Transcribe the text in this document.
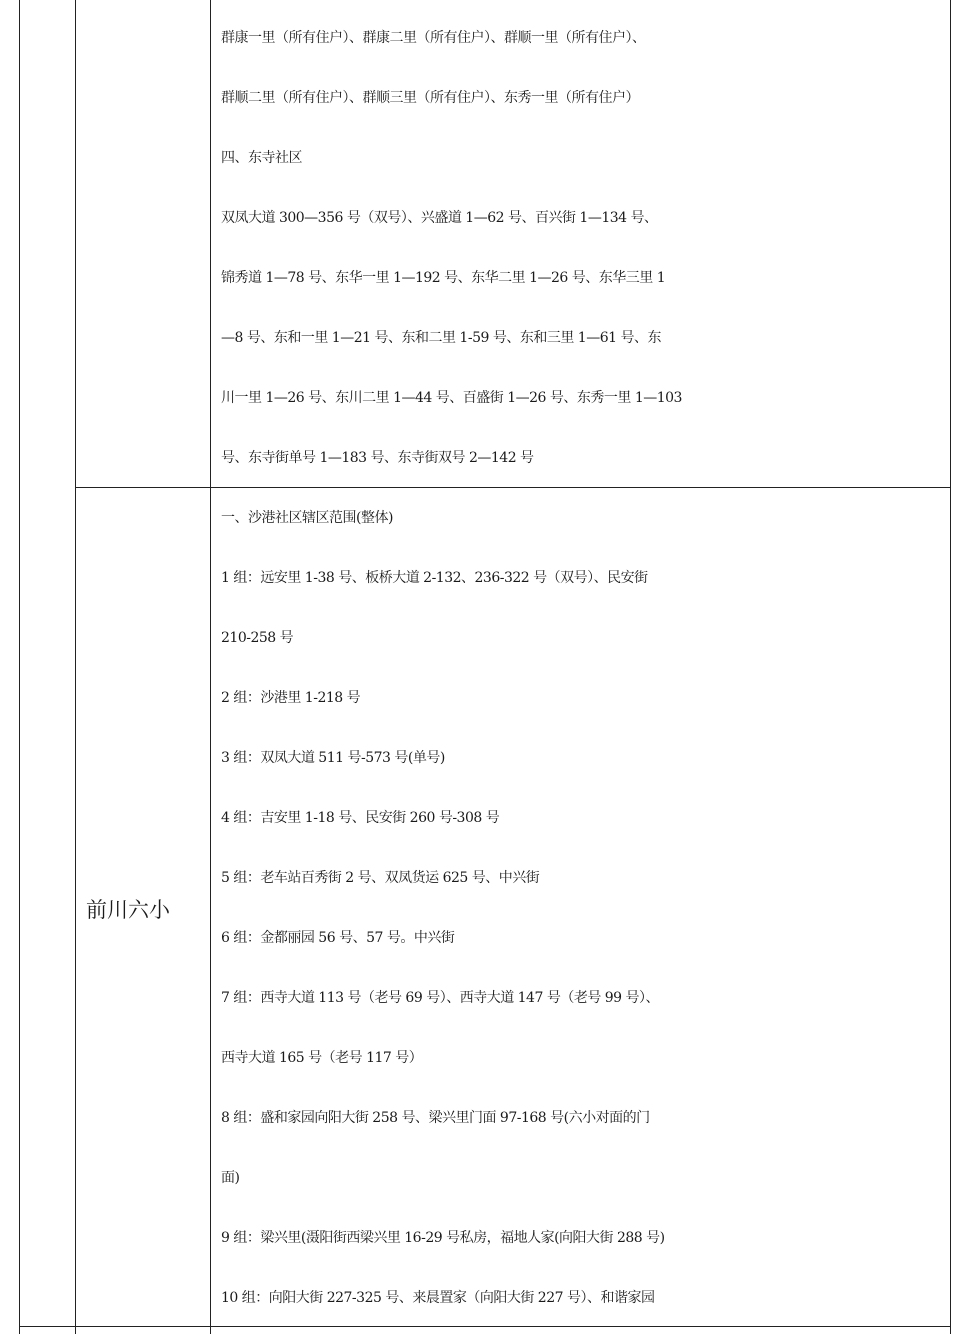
群康一里（所有住户）、群康二里（所有住户）、群顺一里（所有住户）、
群顺二里（所有住户）、群顺三里（所有住户）、东秀一里（所有住户）
四、东寺社区
双凤大道 300—356 号（双号）、兴盛道 1—62 号、百兴街 1—134 号、
锦秀道 1—78 号、东华一里 1—192 号、东华二里 1—26 号、东华三里 1
—8 号、东和一里 1—21 号、东和二里 1-59 号、东和三里 1—61 号、东
川一里 1—26 号、东川二里 1—44 号、百盛街 1—26 号、东秀一里 1—103
号、东寺街单号 1—183 号、东寺街双号 2—142 号
前川六小
一、沙港社区辖区范围(整体)
1 组：远安里 1-38 号、板桥大道 2-132、236-322 号（双号）、民安街
210-258 号
2 组：沙港里 1-218 号
3 组：双凤大道 511 号-573 号(单号)
4 组：吉安里 1-18 号、民安街 260 号-308 号
5 组：老车站百秀街 2 号、双凤货运 625 号、中兴街
6 组：金都丽园 56 号、57 号。中兴街
7 组：西寺大道 113 号（老号 69 号）、西寺大道 147 号（老号 99 号）、
西寺大道 165 号（老号 117 号）
8 组：盛和家园向阳大街 258 号、梁兴里门面 97-168 号(六小对面的门
面)
9 组：梁兴里(滠阳街西梁兴里 16-29 号私房，福地人家(向阳大街 288 号)
10 组：向阳大街 227-325 号、来晨置家（向阳大街 227 号）、和谐家园
